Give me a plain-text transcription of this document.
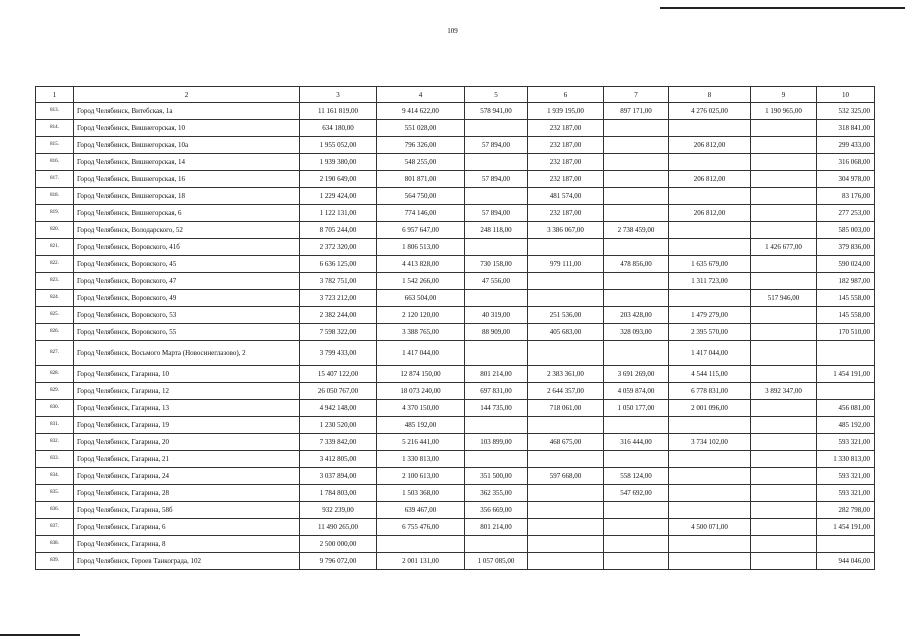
109
1	2	3	4	5	6	7	8	9	10
813.	Город Челябинск, Витебская, 1а	11 161 819,00	9 414 622,00	578 941,00	1 939 195,00	897 171,00	4 276 025,00	1 190 965,00	532 325,00
814.	Город Челябинск, Вишнегорская, 10	634 180,00	551 028,00		232 187,00				318 841,00
815.	Город Челябинск, Вишнегорская, 10а	1 955 052,00	796 326,00	57 894,00	232 187,00		206 812,00		299 433,00
816.	Город Челябинск, Вишнегорская, 14	1 939 380,00	548 255,00		232 187,00				316 068,00
817.	Город Челябинск, Вишнегорская, 16	2 190 649,00	801 871,00	57 894,00	232 187,00		206 812,00		304 978,00
818.	Город Челябинск, Вишнегорская, 18	1 229 424,00	564 750,00		481 574,00				83 176,00
819.	Город Челябинск, Вишнегорская, 6	1 122 131,00	774 146,00	57 894,00	232 187,00		206 812,00		277 253,00
820.	Город Челябинск, Володарского, 52	8 705 244,00	6 957 647,00	248 118,00	3 386 067,00	2 738 459,00			585 003,00
821.	Город Челябинск, Воровского, 41б	2 372 320,00	1 806 513,00					1 426 677,00	379 836,00
822.	Город Челябинск, Воровского, 45	6 636 125,00	4 413 828,00	730 158,00	979 111,00	478 856,00	1 635 679,00		590 024,00
823.	Город Челябинск, Воровского, 47	3 782 751,00	1 542 266,00	47 556,00			1 311 723,00		182 987,00
824.	Город Челябинск, Воровского, 49	3 723 212,00	663 504,00					517 946,00	145 558,00
825.	Город Челябинск, Воровского, 53	2 382 244,00	2 120 120,00	40 319,00	251 536,00	203 428,00	1 479 279,00		145 558,00
826.	Город Челябинск, Воровского, 55	7 598 322,00	3 388 765,00	88 909,00	405 683,00	328 093,00	2 395 570,00		170 510,00
827.	Город Челябинск, Восьмого Марта (Новосинеглазово), 2	3 799 433,00	1 417 044,00				1 417 044,00		
828.	Город Челябинск, Гагарина, 10	15 407 122,00	12 874 150,00	801 214,00	2 383 361,00	3 691 269,00	4 544 115,00		1 454 191,00
829.	Город Челябинск, Гагарина, 12	26 050 767,00	18 073 240,00	697 831,00	2 644 357,00	4 059 874,00	6 778 831,00	3 892 347,00	
830.	Город Челябинск, Гагарина, 13	4 942 148,00	4 370 150,00	144 735,00	718 061,00	1 050 177,00	2 001 096,00		456 081,00
831.	Город Челябинск, Гагарина, 19	1 230 520,00	485 192,00						485 192,00
832.	Город Челябинск, Гагарина, 20	7 339 842,00	5 216 441,00	103 899,00	468 675,00	316 444,00	3 734 102,00		593 321,00
833.	Город Челябинск, Гагарина, 21	3 412 805,00	1 330 813,00						1 330 813,00
834.	Город Челябинск, Гагарина, 24	3 037 894,00	2 100 613,00	351 500,00	597 668,00	558 124,00			593 321,00
835.	Город Челябинск, Гагарина, 28	1 784 803,00	1 503 368,00	362 355,00		547 692,00			593 321,00
836.	Город Челябинск, Гагарина, 58б	932 239,00	639 467,00	356 669,00					282 798,00
837.	Город Челябинск, Гагарина, 6	11 490 265,00	6 755 476,00	801 214,00			4 500 071,00		1 454 191,00
838.	Город Челябинск, Гагарина, 8	2 500 000,00							
839.	Город Челябинск, Героев Танкограда, 102	9 796 072,00	2 001 131,00	1 057 085,00					944 046,00
